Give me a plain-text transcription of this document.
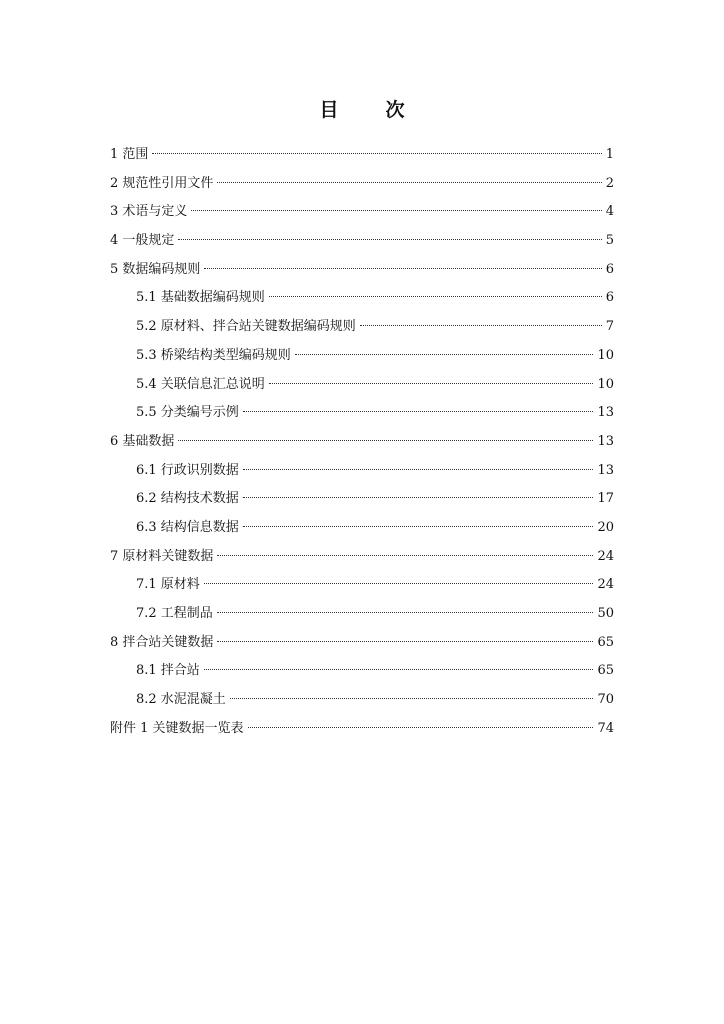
目　次
1 范围	1
2 规范性引用文件	2
3 术语与定义	4
4 一般规定	5
5 数据编码规则	6
5.1 基础数据编码规则	6
5.2 原材料、拌合站关键数据编码规则	7
5.3 桥梁结构类型编码规则	10
5.4 关联信息汇总说明	10
5.5 分类编号示例	13
6 基础数据	13
6.1 行政识别数据	13
6.2 结构技术数据	17
6.3 结构信息数据	20
7 原材料关键数据	24
7.1 原材料	24
7.2 工程制品	50
8 拌合站关键数据	65
8.1 拌合站	65
8.2 水泥混凝土	70
附件 1 关键数据一览表	74
